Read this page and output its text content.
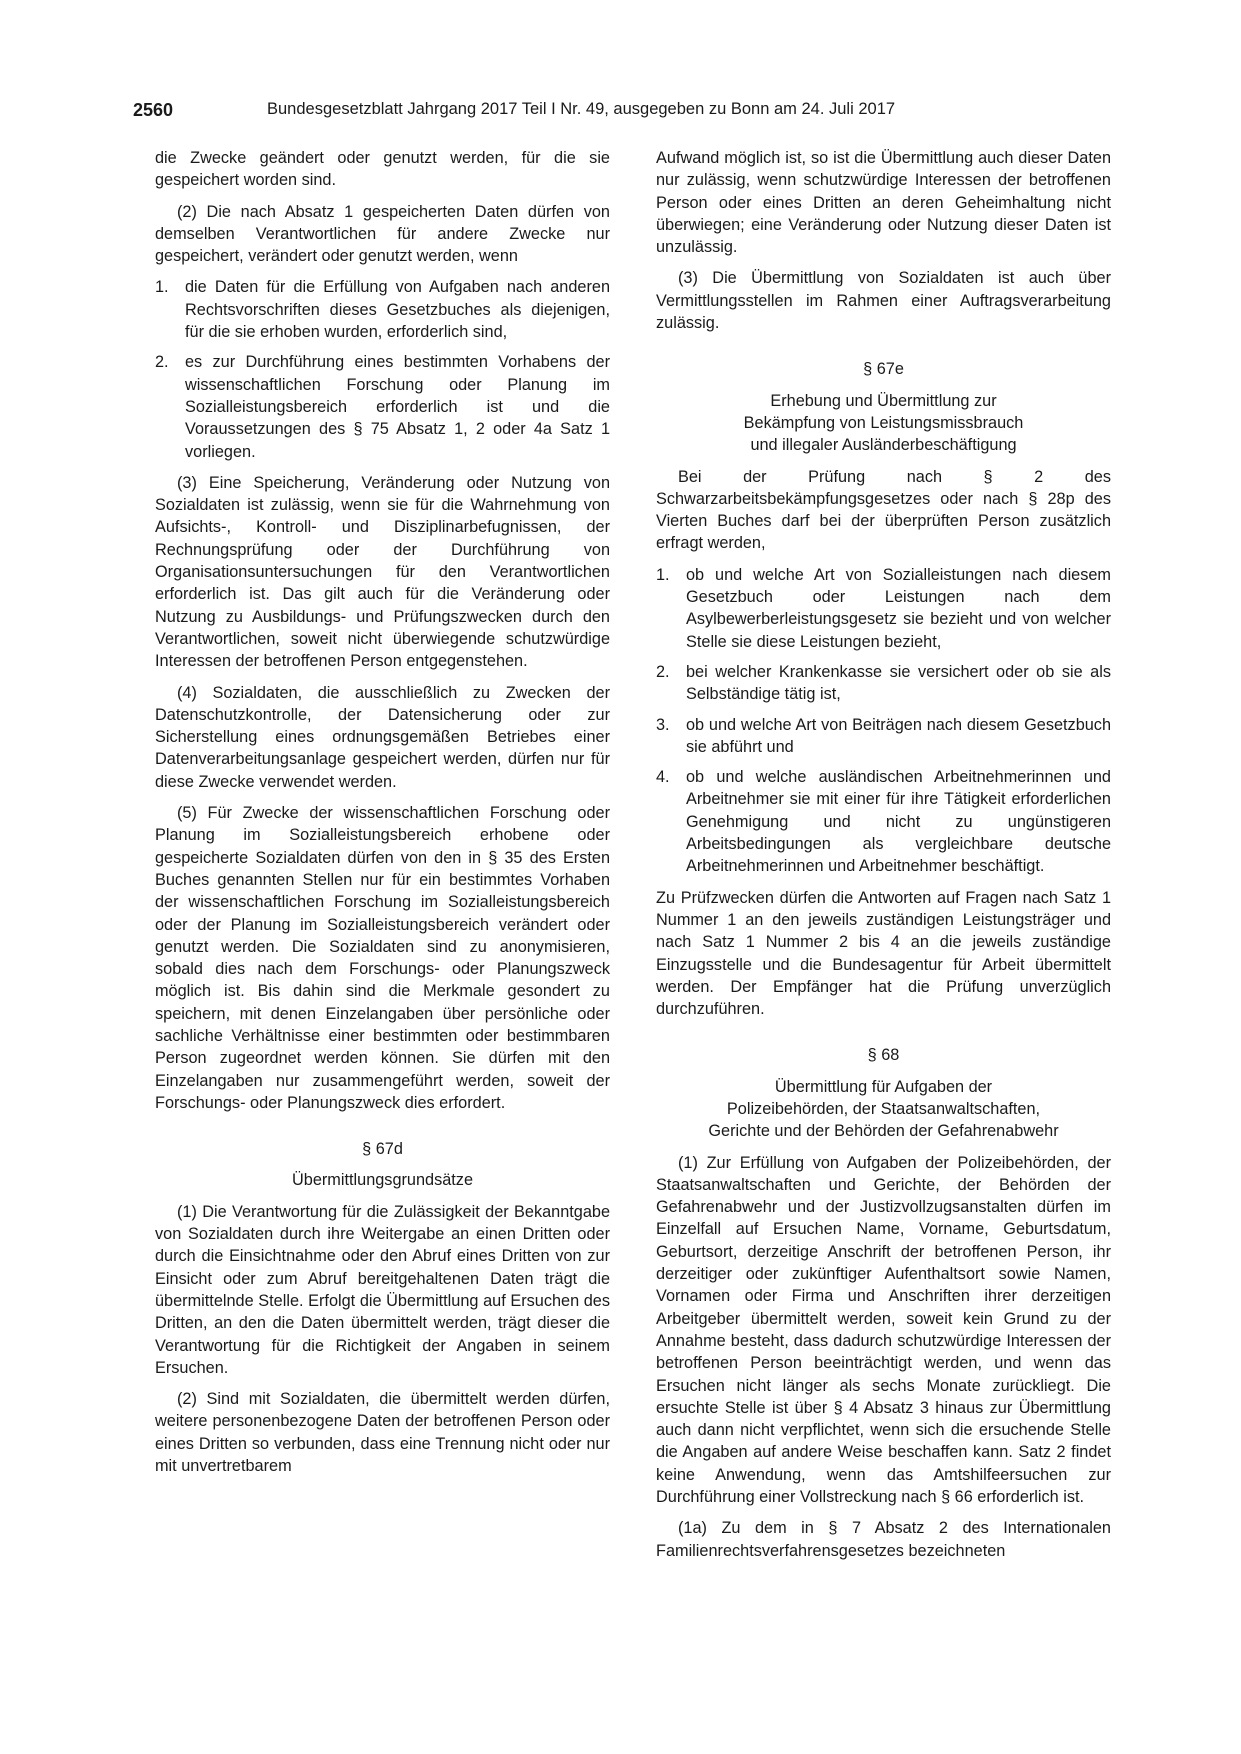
2560	Bundesgesetzblatt Jahrgang 2017 Teil I Nr. 49, ausgegeben zu Bonn am 24. Juli 2017

die Zwecke geändert oder genutzt werden, für die sie gespeichert worden sind.

(2) Die nach Absatz 1 gespeicherten Daten dürfen von demselben Verantwortlichen für andere Zwecke nur gespeichert, verändert oder genutzt werden, wenn

1. die Daten für die Erfüllung von Aufgaben nach anderen Rechtsvorschriften dieses Gesetzbuches als diejenigen, für die sie erhoben wurden, erforderlich sind,
2. es zur Durchführung eines bestimmten Vorhabens der wissenschaftlichen Forschung oder Planung im Sozialleistungsbereich erforderlich ist und die Voraussetzungen des § 75 Absatz 1, 2 oder 4a Satz 1 vorliegen.

(3) Eine Speicherung, Veränderung oder Nutzung von Sozialdaten ist zulässig, wenn sie für die Wahrnehmung von Aufsichts-, Kontroll- und Disziplinarbefugnissen, der Rechnungsprüfung oder der Durchführung von Organisationsuntersuchungen für den Verantwortlichen erforderlich ist. Das gilt auch für die Veränderung oder Nutzung zu Ausbildungs- und Prüfungszwecken durch den Verantwortlichen, soweit nicht überwiegende schutzwürdige Interessen der betroffenen Person entgegenstehen.

(4) Sozialdaten, die ausschließlich zu Zwecken der Datenschutzkontrolle, der Datensicherung oder zur Sicherstellung eines ordnungsgemäßen Betriebes einer Datenverarbeitungsanlage gespeichert werden, dürfen nur für diese Zwecke verwendet werden.

(5) Für Zwecke der wissenschaftlichen Forschung oder Planung im Sozialleistungsbereich erhobene oder gespeicherte Sozialdaten dürfen von den in § 35 des Ersten Buches genannten Stellen nur für ein bestimmtes Vorhaben der wissenschaftlichen Forschung im Sozialleistungsbereich oder der Planung im Sozialleistungsbereich verändert oder genutzt werden. Die Sozialdaten sind zu anonymisieren, sobald dies nach dem Forschungs- oder Planungszweck möglich ist. Bis dahin sind die Merkmale gesondert zu speichern, mit denen Einzelangaben über persönliche oder sachliche Verhältnisse einer bestimmten oder bestimmbaren Person zugeordnet werden können. Sie dürfen mit den Einzelangaben nur zusammengeführt werden, soweit der Forschungs- oder Planungszweck dies erfordert.

§ 67d
Übermittlungsgrundsätze

(1) Die Verantwortung für die Zulässigkeit der Bekanntgabe von Sozialdaten durch ihre Weitergabe an einen Dritten oder durch die Einsichtnahme oder den Abruf eines Dritten von zur Einsicht oder zum Abruf bereitgehaltenen Daten trägt die übermittelnde Stelle. Erfolgt die Übermittlung auf Ersuchen des Dritten, an den die Daten übermittelt werden, trägt dieser die Verantwortung für die Richtigkeit der Angaben in seinem Ersuchen.

(2) Sind mit Sozialdaten, die übermittelt werden dürfen, weitere personenbezogene Daten der betroffenen Person oder eines Dritten so verbunden, dass eine Trennung nicht oder nur mit unvertretbarem

Aufwand möglich ist, so ist die Übermittlung auch dieser Daten nur zulässig, wenn schutzwürdige Interessen der betroffenen Person oder eines Dritten an deren Geheimhaltung nicht überwiegen; eine Veränderung oder Nutzung dieser Daten ist unzulässig.

(3) Die Übermittlung von Sozialdaten ist auch über Vermittlungsstellen im Rahmen einer Auftragsverarbeitung zulässig.

§ 67e
Erhebung und Übermittlung zur
Bekämpfung von Leistungsmissbrauch
und illegaler Ausländerbeschäftigung

Bei der Prüfung nach § 2 des Schwarzarbeitsbekämpfungsgesetzes oder nach § 28p des Vierten Buches darf bei der überprüften Person zusätzlich erfragt werden,

1. ob und welche Art von Sozialleistungen nach diesem Gesetzbuch oder Leistungen nach dem Asylbewerberleistungsgesetz sie bezieht und von welcher Stelle sie diese Leistungen bezieht,
2. bei welcher Krankenkasse sie versichert oder ob sie als Selbständige tätig ist,
3. ob und welche Art von Beiträgen nach diesem Gesetzbuch sie abführt und
4. ob und welche ausländischen Arbeitnehmerinnen und Arbeitnehmer sie mit einer für ihre Tätigkeit erforderlichen Genehmigung und nicht zu ungünstigeren Arbeitsbedingungen als vergleichbare deutsche Arbeitnehmerinnen und Arbeitnehmer beschäftigt.

Zu Prüfzwecken dürfen die Antworten auf Fragen nach Satz 1 Nummer 1 an den jeweils zuständigen Leistungsträger und nach Satz 1 Nummer 2 bis 4 an die jeweils zuständige Einzugsstelle und die Bundesagentur für Arbeit übermittelt werden. Der Empfänger hat die Prüfung unverzüglich durchzuführen.

§ 68
Übermittlung für Aufgaben der
Polizeibehörden, der Staatsanwaltschaften,
Gerichte und der Behörden der Gefahrenabwehr

(1) Zur Erfüllung von Aufgaben der Polizeibehörden, der Staatsanwaltschaften und Gerichte, der Behörden der Gefahrenabwehr und der Justizvollzugsanstalten dürfen im Einzelfall auf Ersuchen Name, Vorname, Geburtsdatum, Geburtsort, derzeitige Anschrift der betroffenen Person, ihr derzeitiger oder zukünftiger Aufenthaltsort sowie Namen, Vornamen oder Firma und Anschriften ihrer derzeitigen Arbeitgeber übermittelt werden, soweit kein Grund zu der Annahme besteht, dass dadurch schutzwürdige Interessen der betroffenen Person beeinträchtigt werden, und wenn das Ersuchen nicht länger als sechs Monate zurückliegt. Die ersuchte Stelle ist über § 4 Absatz 3 hinaus zur Übermittlung auch dann nicht verpflichtet, wenn sich die ersuchende Stelle die Angaben auf andere Weise beschaffen kann. Satz 2 findet keine Anwendung, wenn das Amtshilfeersuchen zur Durchführung einer Vollstreckung nach § 66 erforderlich ist.

(1a) Zu dem in § 7 Absatz 2 des Internationalen Familienrechtsverfahrensgesetzes bezeichneten
